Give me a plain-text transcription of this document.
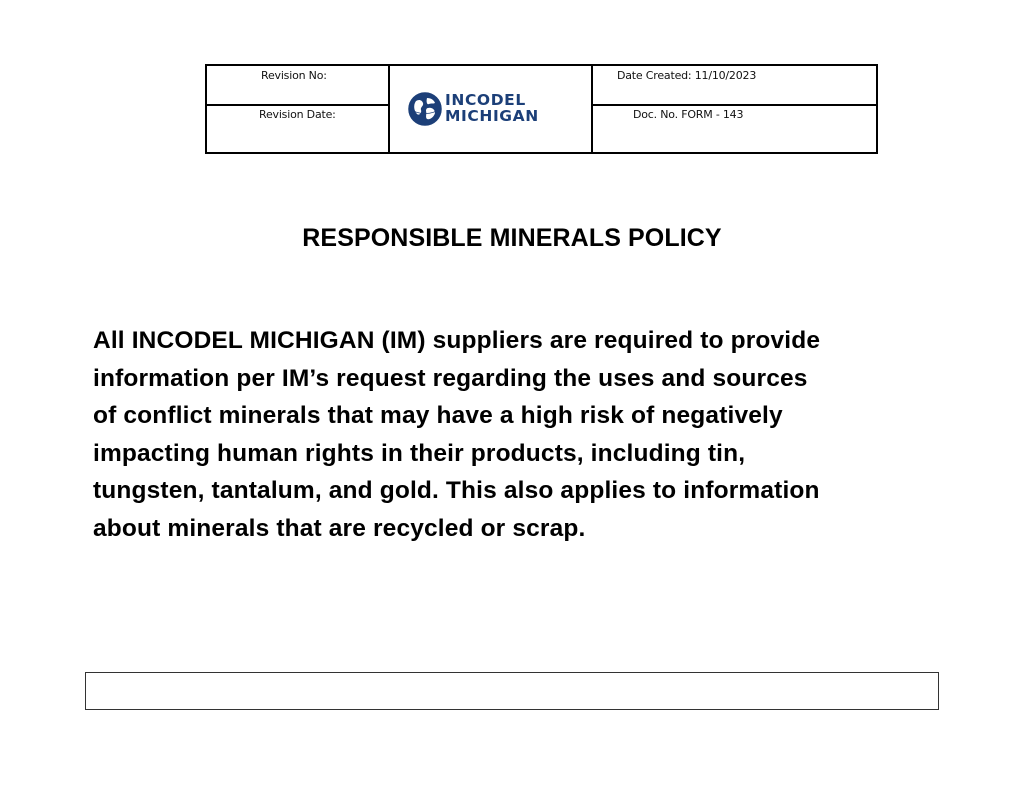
Revision No:
Revision Date:
Date Created: 11/10/2023
Doc. No. FORM - 143
INCODEL
MICHIGAN
RESPONSIBLE MINERALS POLICY
All INCODEL MICHIGAN (IM) suppliers are required to provide
information per IM’s request regarding the uses and sources
of conflict minerals that may have a high risk of negatively
impacting human rights in their products, including tin,
tungsten, tantalum, and gold. This also applies to information
about minerals that are recycled or scrap.
